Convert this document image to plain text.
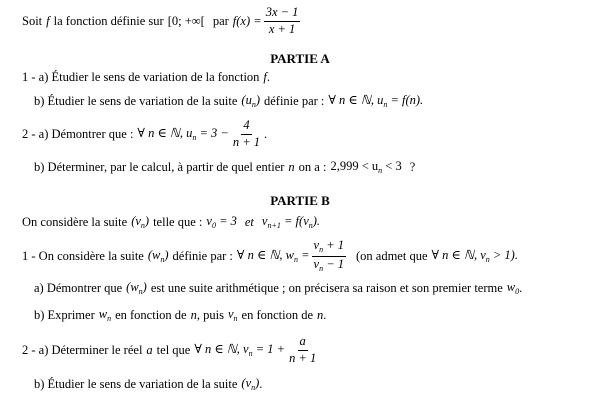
Soit f la fonction définie sur [0; +∞[ par $f(x) = \frac{3x - 1}{x + 1}$
PARTIE A
1 - a) Étudier le sens de variation de la fonction f .
b) Étudier le sens de variation de la suite $(u_n)$ définie par : ∀ n ∈ ℕ, $u_n = f(n)$.
2 - a) Démontrer que : ∀ n ∈ ℕ, $u_n = 3 - \frac{4}{n + 1}$ .
b) Déterminer, par le calcul, à partir de quel entier n on a : $2,999 < u_n < 3$ ?
PARTIE B
On considère la suite $(v_n)$ telle que : $v_0 = 3$ et $v_{n+1} = f(v_n)$.
1 - On considère la suite $(w_n)$ définie par : ∀ n ∈ ℕ, $w_n = \frac{v_n + 1}{v_n - 1} (on$ admet que ∀ n ∈ ℕ, $v_n > 1$).
a) Démontrer que $(w_n)$ est une suite arithmétique ; on précisera sa raison et son premier terme $w_0$ .
b) Exprimer $w_n$ en fonction de n , puis $v_n$ en fonction de n .
2 - a) Déterminer le réel a tel que ∀ n ∈ ℕ, $v_n = 1 + \frac{a}{n + 1}$
b) Étudier le sens de variation de la suite $(v_n)$ .
